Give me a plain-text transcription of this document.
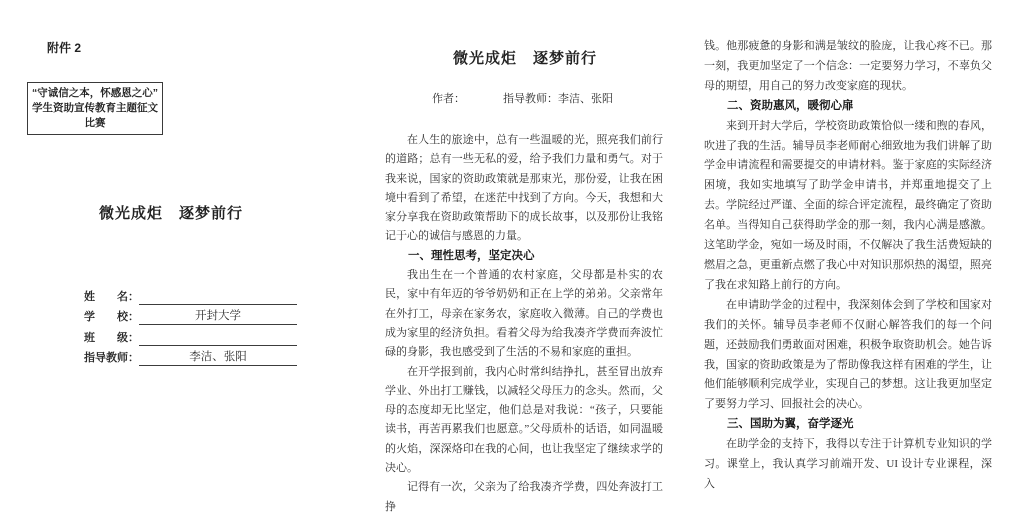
附件 2
“守诚信之本，怀感恩之心”
学生资助宣传教育主题征文比赛
微光成炬　逐梦前行
姓　　名：
学　　校：	开封大学
班　　级：
指导教师：	李洁、张阳
微光成炬　逐梦前行
作者：	指导教师：李洁、张阳

在人生的旅途中，总有一些温暖的光，照亮我们前行的道路；总有一些无私的爱，给予我们力量和勇气。对于我来说，国家的资助政策就是那束光，那份爱，让我在困境中看到了希望，在迷茫中找到了方向。今天，我想和大家分享我在资助政策帮助下的成长故事，以及那份让我铭记于心的诚信与感恩的力量。

一、理性思考，坚定决心

我出生在一个普通的农村家庭，父母都是朴实的农民，家中有年迈的爷爷奶奶和正在上学的弟弟。父亲常年在外打工，母亲在家务农，家庭收入微薄。自己的学费也成为家里的经济负担。看着父母为给我凑齐学费而奔波忙碌的身影，我也感受到了生活的不易和家庭的重担。

在开学报到前，我内心时常纠结挣扎，甚至冒出放弃学业、外出打工赚钱，以减轻父母压力的念头。然而，父母的态度却无比坚定，他们总是对我说：“孩子，只要能读书，再苦再累我们也愿意。”父母质朴的话语，如同温暖的火焰，深深烙印在我的心间，也让我坚定了继续求学的决心。

记得有一次，父亲为了给我凑齐学费，四处奔波打工挣

钱。他那疲惫的身影和满是皱纹的脸庞，让我心疼不已。那一刻，我更加坚定了一个信念：一定要努力学习，不辜负父母的期望，用自己的努力改变家庭的现状。

二、资助惠风，暖彻心扉

来到开封大学后，学校资助政策恰似一缕和煦的春风，吹进了我的生活。辅导员李老师耐心细致地为我们讲解了助学金申请流程和需要提交的申请材料。鉴于家庭的实际经济困境，我如实地填写了助学金申请书，并郑重地提交了上去。学院经过严谨、全面的综合评定流程，最终确定了资助名单。当得知自己获得助学金的那一刻，我内心满是感激。这笔助学金，宛如一场及时雨，不仅解决了我生活费短缺的燃眉之急，更重新点燃了我心中对知识那炽热的渴望，照亮了我在求知路上前行的方向。

在申请助学金的过程中，我深刻体会到了学校和国家对我们的关怀。辅导员李老师不仅耐心解答我们的每一个问题，还鼓励我们勇敢面对困难，积极争取资助机会。她告诉我，国家的资助政策是为了帮助像我这样有困难的学生，让他们能够顺利完成学业，实现自己的梦想。这让我更加坚定了要努力学习、回报社会的决心。

三、国助为翼，奋学逐光

在助学金的支持下，我得以专注于计算机专业知识的学习。课堂上，我认真学习前端开发、UI 设计专业课程，深入
